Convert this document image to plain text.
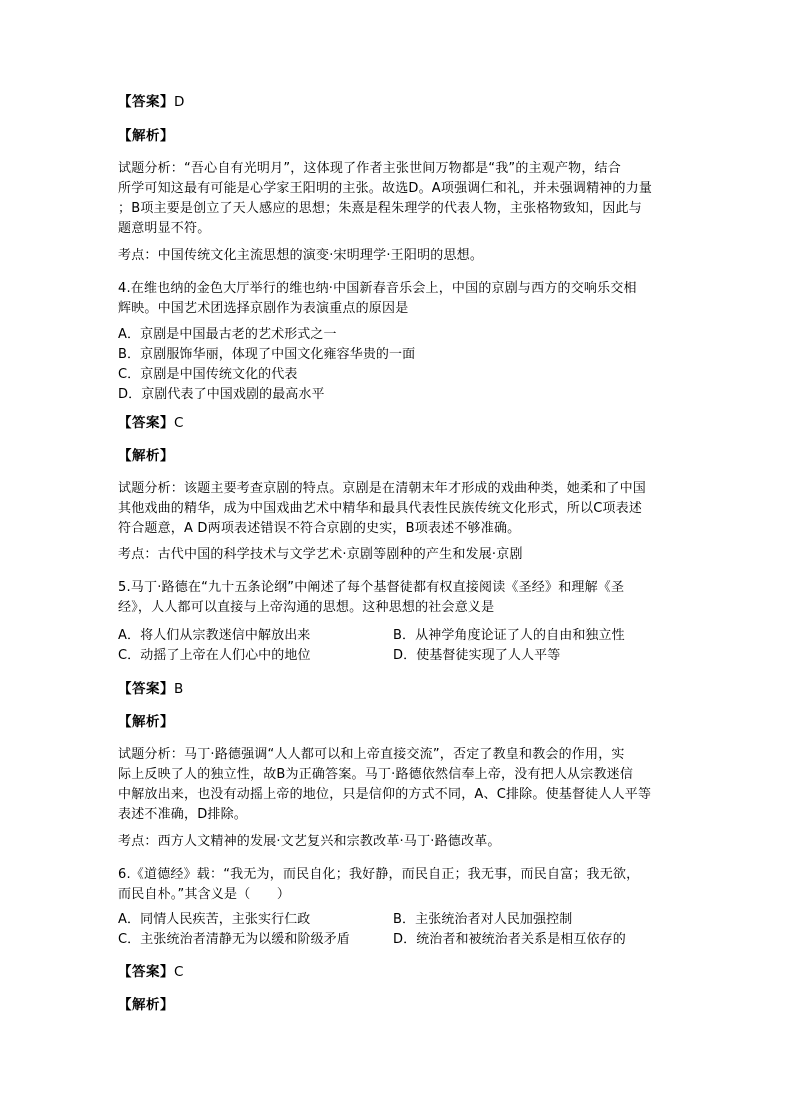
【答案】D
【解析】
试题分析：“吾心自有光明月”，这体现了作者主张世间万物都是“我”的主观产物，结合
所学可知这最有可能是心学家王阳明的主张。故选D。A项强调仁和礼，并未强调精神的力量
；B项主要是创立了天人感应的思想；朱熹是程朱理学的代表人物，主张格物致知，因此与
题意明显不符。
考点：中国传统文化主流思想的演变·宋明理学·王阳明的思想。
4.在维也纳的金色大厅举行的维也纳·中国新春音乐会上，中国的京剧与西方的交响乐交相
辉映。中国艺术团选择京剧作为表演重点的原因是
A．京剧是中国最古老的艺术形式之一
B．京剧服饰华丽，体现了中国文化雍容华贵的一面
C．京剧是中国传统文化的代表
D．京剧代表了中国戏剧的最高水平
【答案】C
【解析】
试题分析：该题主要考查京剧的特点。京剧是在清朝末年才形成的戏曲种类，她柔和了中国
其他戏曲的精华，成为中国戏曲艺术中精华和最具代表性民族传统文化形式，所以C项表述
符合题意，A D两项表述错误不符合京剧的史实，B项表述不够准确。
考点：古代中国的科学技术与文学艺术·京剧等剧种的产生和发展·京剧
5.马丁·路德在“九十五条论纲”中阐述了每个基督徒都有权直接阅读《圣经》和理解《圣
经》，人人都可以直接与上帝沟通的思想。这种思想的社会意义是
A．将人们从宗教迷信中解放出来	B．从神学角度论证了人的自由和独立性
C．动摇了上帝在人们心中的地位	D．使基督徒实现了人人平等
【答案】B
【解析】
试题分析：马丁·路德强调“人人都可以和上帝直接交流”，否定了教皇和教会的作用，实
际上反映了人的独立性，故B为正确答案。马丁·路德依然信奉上帝，没有把人从宗教迷信
中解放出来，也没有动摇上帝的地位，只是信仰的方式不同，A、C排除。使基督徒人人平等
表述不准确，D排除。
考点：西方人文精神的发展·文艺复兴和宗教改革·马丁·路德改革。
6.《道德经》载：“我无为，而民自化；我好静，而民自正；我无事，而民自富；我无欲，
而民自朴。”其含义是（　　）
A．同情人民疾苦，主张实行仁政	B．主张统治者对人民加强控制
C．主张统治者清静无为以缓和阶级矛盾	D．统治者和被统治者关系是相互依存的
【答案】C
【解析】
